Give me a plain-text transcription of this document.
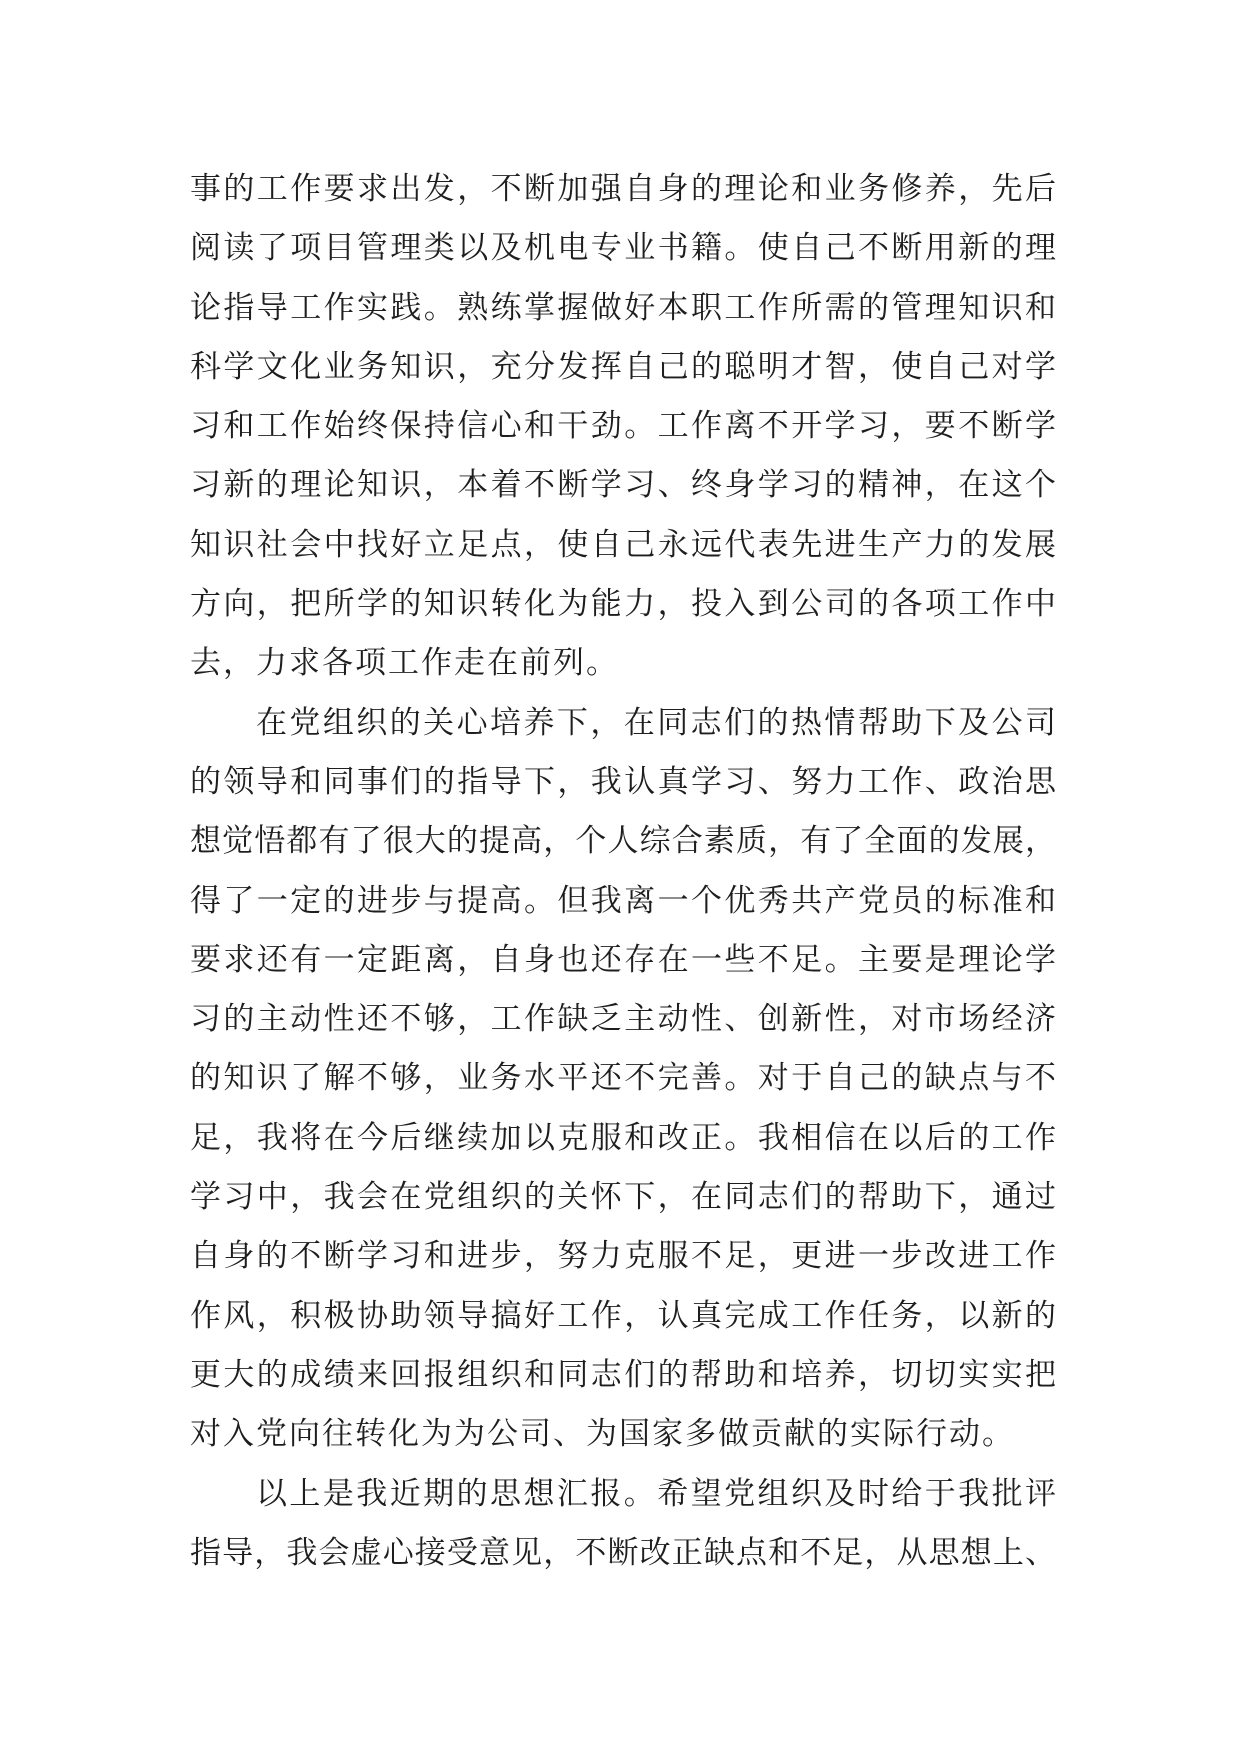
事的工作要求出发，不断加强自身的理论和业务修养，先后
阅读了项目管理类以及机电专业书籍。使自己不断用新的理
论指导工作实践。熟练掌握做好本职工作所需的管理知识和
科学文化业务知识，充分发挥自己的聪明才智，使自己对学
习和工作始终保持信心和干劲。工作离不开学习，要不断学
习新的理论知识，本着不断学习、终身学习的精神，在这个
知识社会中找好立足点，使自己永远代表先进生产力的发展
方向，把所学的知识转化为能力，投入到公司的各项工作中
去，力求各项工作走在前列。
在党组织的关心培养下，在同志们的热情帮助下及公司
的领导和同事们的指导下，我认真学习、努力工作、政治思
想觉悟都有了很大的提高，个人综合素质，有了全面的发展，
得了一定的进步与提高。但我离一个优秀共产党员的标准和
要求还有一定距离，自身也还存在一些不足。主要是理论学
习的主动性还不够，工作缺乏主动性、创新性，对市场经济
的知识了解不够，业务水平还不完善。对于自己的缺点与不
足，我将在今后继续加以克服和改正。我相信在以后的工作
学习中，我会在党组织的关怀下，在同志们的帮助下，通过
自身的不断学习和进步，努力克服不足，更进一步改进工作
作风，积极协助领导搞好工作，认真完成工作任务，以新的
更大的成绩来回报组织和同志们的帮助和培养，切切实实把
对入党向往转化为为公司、为国家多做贡献的实际行动。
以上是我近期的思想汇报。希望党组织及时给于我批评
指导，我会虚心接受意见，不断改正缺点和不足，从思想上、
